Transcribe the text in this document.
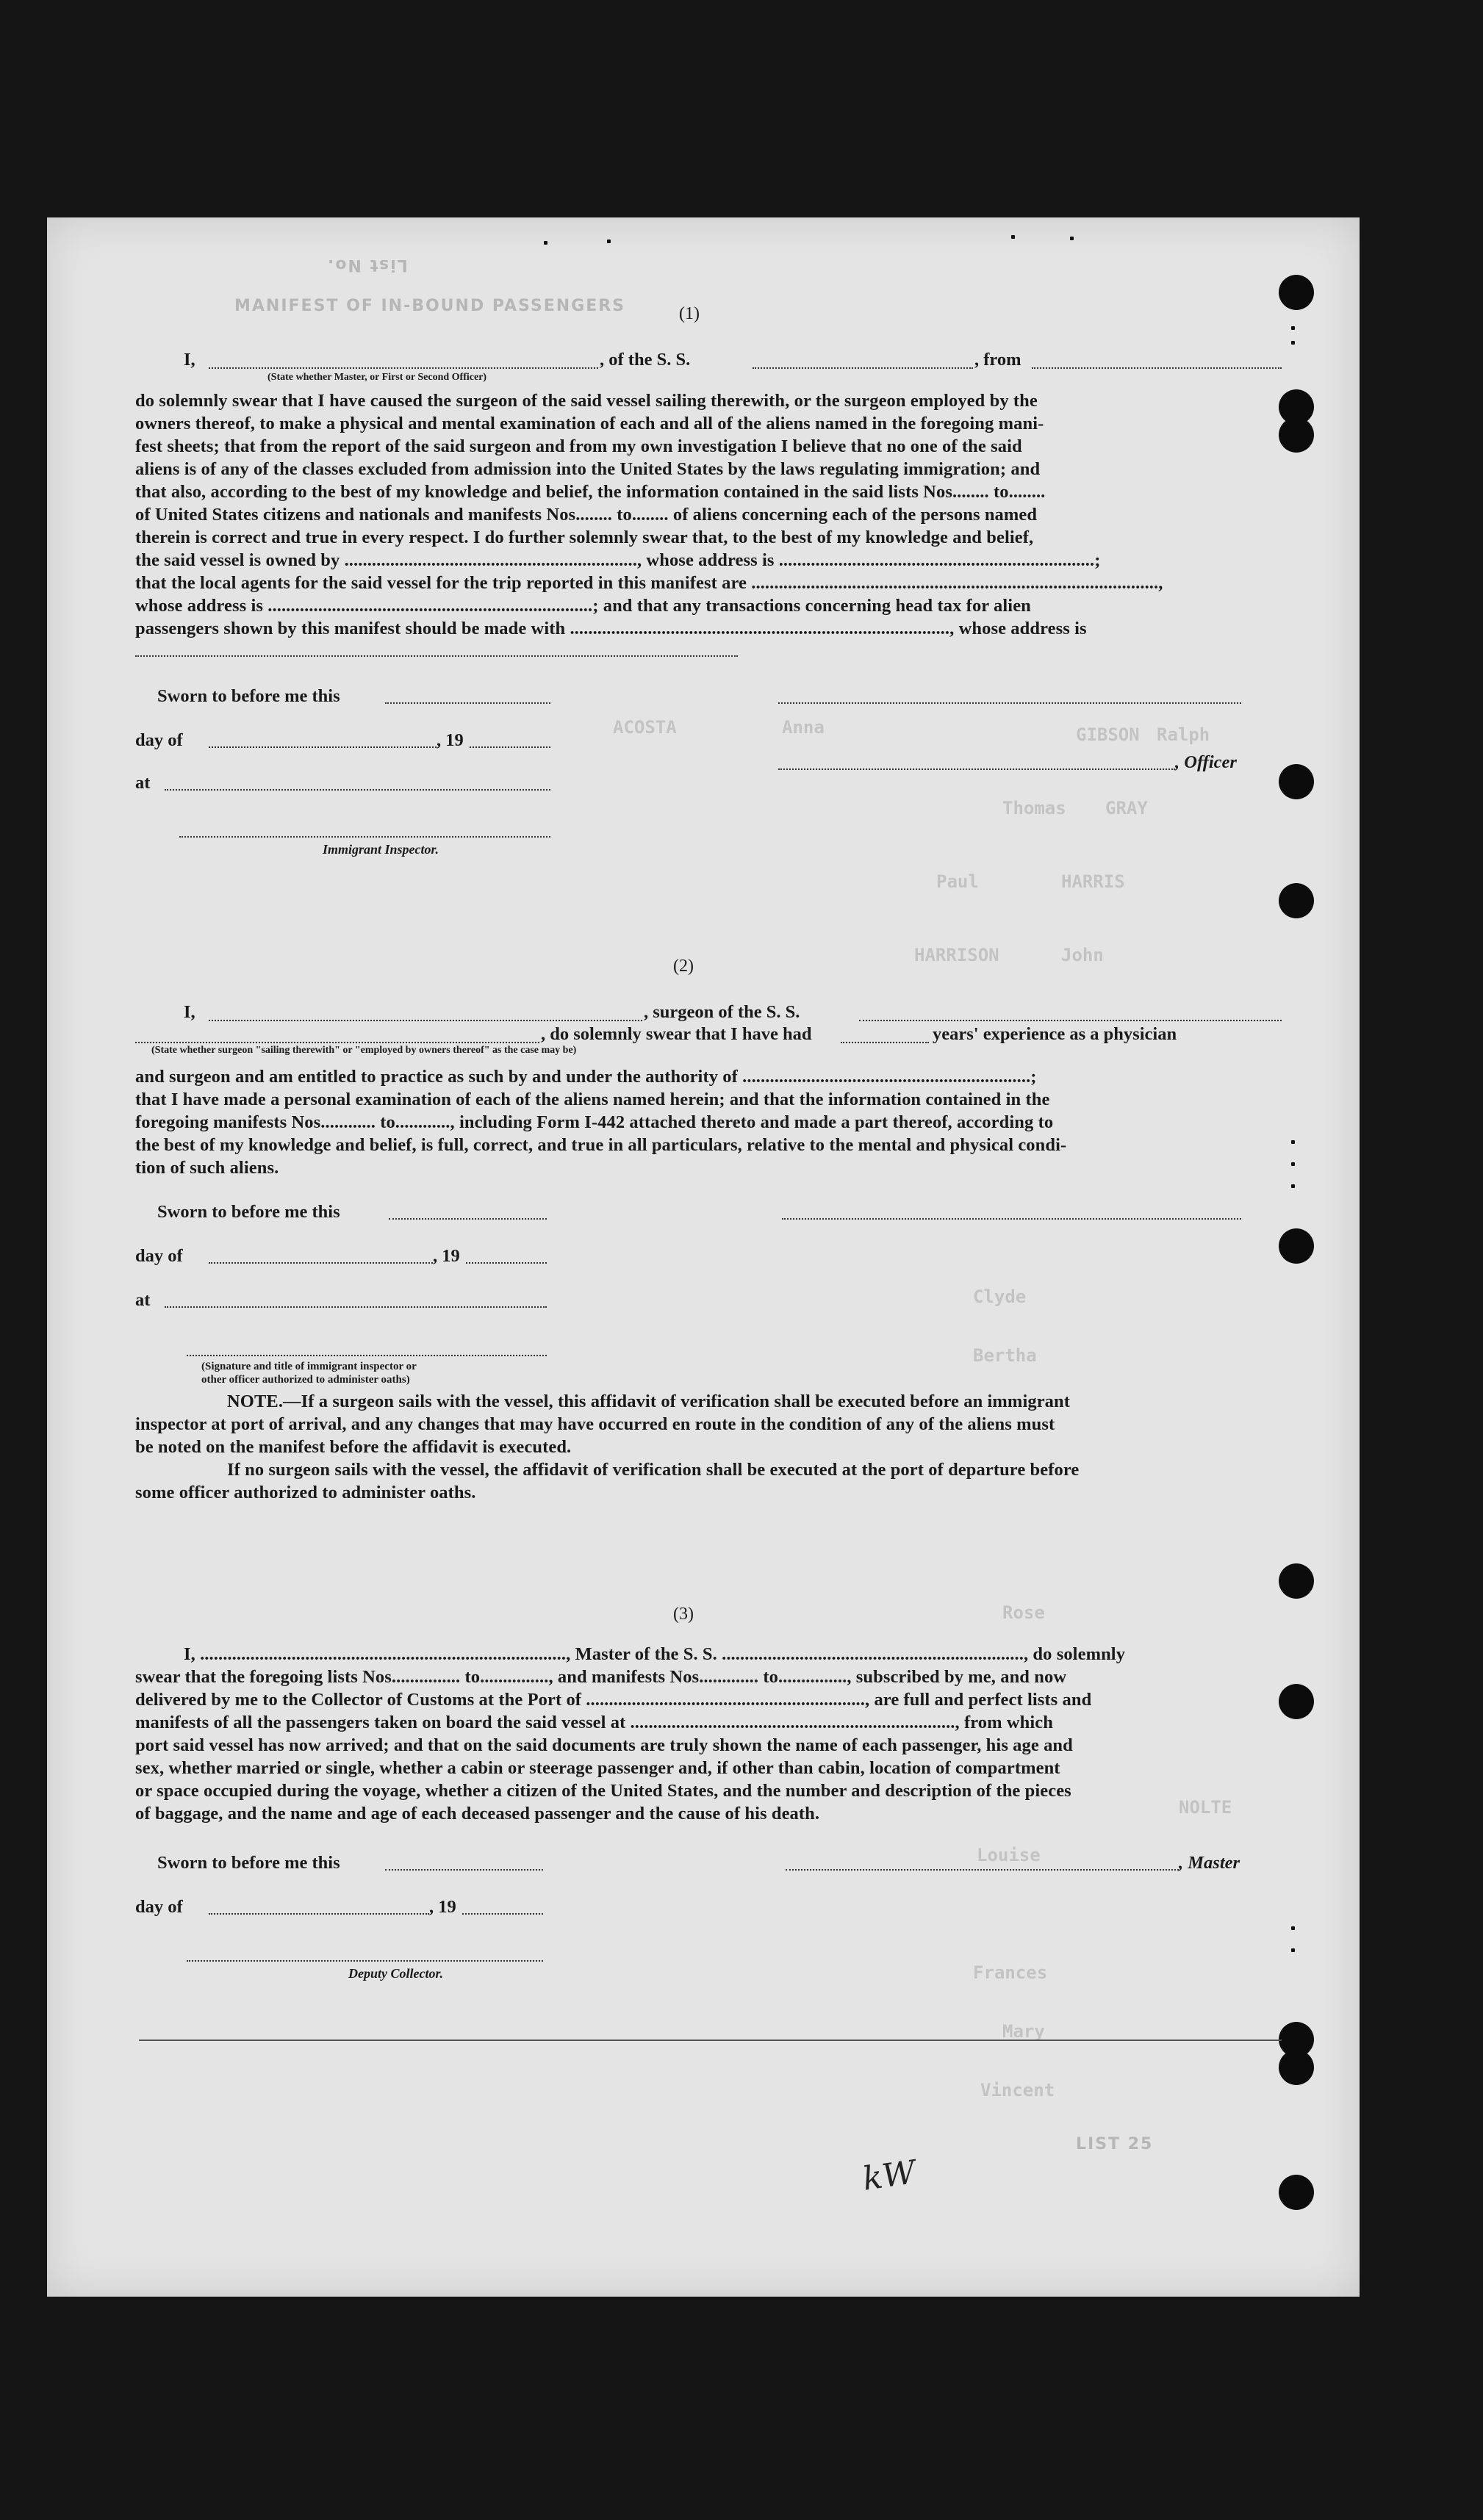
MANIFEST OF IN-BOUND PASSENGERS
List No.
ACOSTA	Anna	GIBSON Ralph
GRAY
Thomas
HARRIS
Paul
HARRISON	John
Clyde
Bertha
Rose
Louise
Frances
Mary
Vincent
NOLTE
LIST 25
(1)
I,	, of the S. S.	, from
(State whether Master, or First or Second Officer)
do solemnly swear that I have caused the surgeon of the said vessel sailing therewith, or the surgeon employed by the
owners thereof, to make a physical and mental examination of each and all of the aliens named in the foregoing mani-
fest sheets; that from the report of the said surgeon and from my own investigation I believe that no one of the said
aliens is of any of the classes excluded from admission into the United States by the laws regulating immigration; and
that also, according to the best of my knowledge and belief, the information contained in the said lists Nos........ to........
of United States citizens and nationals and manifests Nos........ to........ of aliens concerning each of the persons named
therein is correct and true in every respect. I do further solemnly swear that, to the best of my knowledge and belief,
the said vessel is owned by ................................................................, whose address is .....................................................................;
that the local agents for the said vessel for the trip reported in this manifest are .........................................................................................,
whose address is .......................................................................; and that any transactions concerning head tax for alien
passengers shown by this manifest should be made with ..................................................................................., whose address is
Sworn to before me this
day of	, 19
, Officer
at
Immigrant Inspector.
(2)
I,	, surgeon of the S. S.
, do solemnly swear that I have had	years' experience as a physician
(State whether surgeon "sailing therewith" or "employed by owners thereof" as the case may be)
and surgeon and am entitled to practice as such by and under the authority of ...............................................................;
that I have made a personal examination of each of the aliens named herein; and that the information contained in the
foregoing manifests Nos............ to............, including Form I-442 attached thereto and made a part thereof, according to
the best of my knowledge and belief, is full, correct, and true in all particulars, relative to the mental and physical condi-
tion of such aliens.
Sworn to before me this
day of	, 19
at
(Signature and title of immigrant inspector or
other officer authorized to administer oaths)
NOTE.—If a surgeon sails with the vessel, this affidavit of verification shall be executed before an immigrant
inspector at port of arrival, and any changes that may have occurred en route in the condition of any of the aliens must
be noted on the manifest before the affidavit is executed.
If no surgeon sails with the vessel, the affidavit of verification shall be executed at the port of departure before
some officer authorized to administer oaths.
(3)
I, ................................................................................, Master of the S. S. .................................................................., do solemnly
swear that the foregoing lists Nos............... to..............., and manifests Nos............. to..............., subscribed by me, and now
delivered by me to the Collector of Customs at the Port of ............................................................., are full and perfect lists and
manifests of all the passengers taken on board the said vessel at ......................................................................., from which
port said vessel has now arrived; and that on the said documents are truly shown the name of each passenger, his age and
sex, whether married or single, whether a cabin or steerage passenger and, if other than cabin, location of compartment
or space occupied during the voyage, whether a citizen of the United States, and the number and description of the pieces
of baggage, and the name and age of each deceased passenger and the cause of his death.
Sworn to before me this	, Master
day of	, 19
Deputy Collector.
kW
